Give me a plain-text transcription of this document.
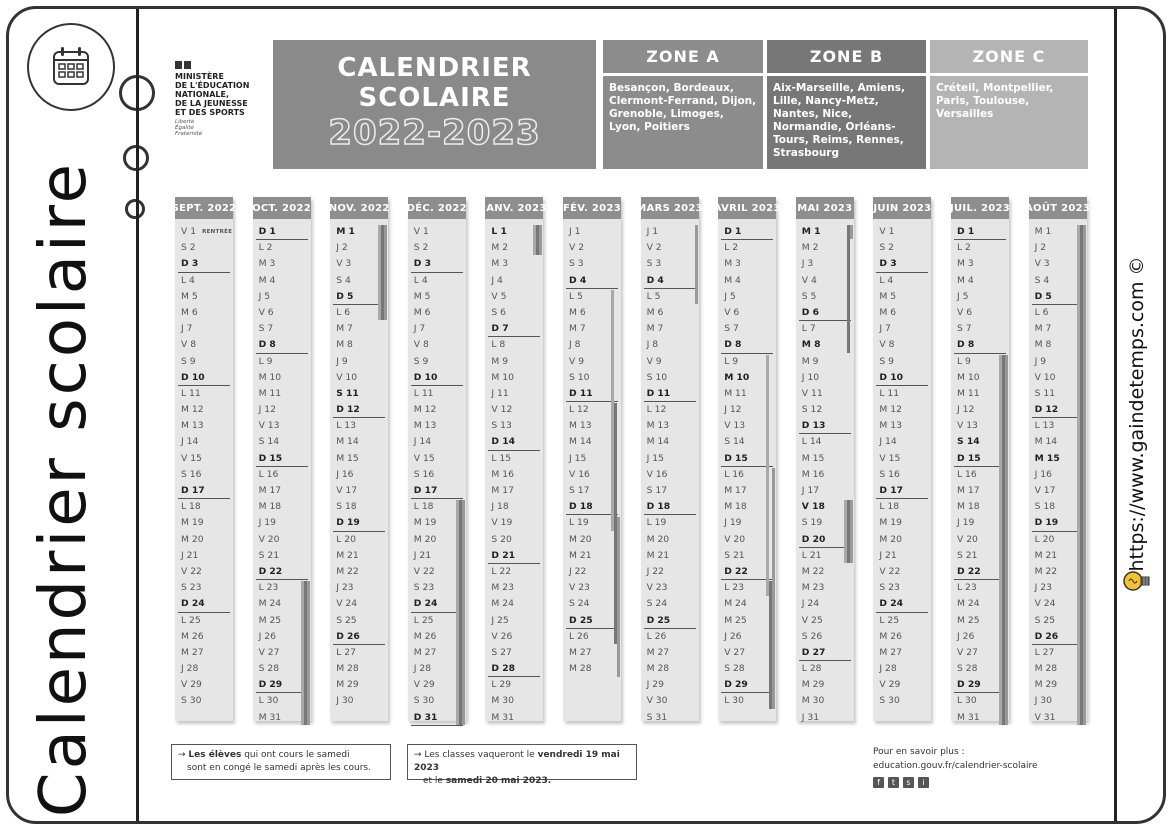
Calendrier scolaire	https://www.gaindetemps.com ©
MINISTÈRE
DE L'ÉDUCATION
NATIONALE,
DE LA JEUNESSE
ET DES SPORTS
Liberté
Égalité
Fraternité
CALENDRIER
SCOLAIRE
2022-2023
ZONE A
Besançon, Bordeaux, Clermont-Ferrand, Dijon, Grenoble, Limoges, Lyon, Poitiers
ZONE B
Aix-Marseille, Amiens, Lille, Nancy-Metz, Nantes, Nice, Normandie, Orléans-Tours, Reims, Rennes, Strasbourg
ZONE C
Créteil, Montpellier, Paris, Toulouse, Versailles
→ Les élèves qui ont cours le samedi
sont en congé le samedi après les cours.
→ Les classes vaqueront le vendredi 19 mai 2023
et le samedi 20 mai 2023.
Pour en savoir plus :
education.gouv.fr/calendrier-scolaire
f	t	s	i
SEPT. 2022
V 1 RENTRÉE
S 2
D 3
L 4
M 5
M 6
J 7
V 8
S 9
D 10
L 11
M 12
M 13
J 14
V 15
S 16
D 17
L 18
M 19
M 20
J 21
V 22
S 23
D 24
L 25
M 26
M 27
J 28
V 29
S 30
OCT. 2022
D 1
L 2
M 3
M 4
J 5
V 6
S 7
D 8
L 9
M 10
M 11
J 12
V 13
S 14
D 15
L 16
M 17
M 18
J 19
V 20
S 21
D 22
L 23
M 24
M 25
J 26
V 27
S 28
D 29
L 30
M 31
NOV. 2022
M 1
J 2
V 3
S 4
D 5
L 6
M 7
M 8
J 9
V 10
S 11
D 12
L 13
M 14
M 15
J 16
V 17
S 18
D 19
L 20
M 21
M 22
J 23
V 24
S 25
D 26
L 27
M 28
M 29
J 30
DÉC. 2022
V 1
S 2
D 3
L 4
M 5
M 6
J 7
V 8
S 9
D 10
L 11
M 12
M 13
J 14
V 15
S 16
D 17
L 18
M 19
M 20
J 21
V 22
S 23
D 24
L 25
M 26
M 27
J 28
V 29
S 30
D 31
JANV. 2023
L 1
M 2
M 3
J 4
V 5
S 6
D 7
L 8
M 9
M 10
J 11
V 12
S 13
D 14
L 15
M 16
M 17
J 18
V 19
S 20
D 21
L 22
M 23
M 24
J 25
V 26
S 27
D 28
L 29
M 30
M 31
FÉV. 2023
J 1
V 2
S 3
D 4
L 5
M 6
M 7
J 8
V 9
S 10
D 11
L 12
M 13
M 14
J 15
V 16
S 17
D 18
L 19
M 20
M 21
J 22
V 23
S 24
D 25
L 26
M 27
M 28
MARS 2023
J 1
V 2
S 3
D 4
L 5
M 6
M 7
J 8
V 9
S 10
D 11
L 12
M 13
M 14
J 15
V 16
S 17
D 18
L 19
M 20
M 21
J 22
V 23
S 24
D 25
L 26
M 27
M 28
J 29
V 30
S 31
AVRIL 2023
D 1
L 2
M 3
M 4
J 5
V 6
S 7
D 8
L 9
M 10
M 11
J 12
V 13
S 14
D 15
L 16
M 17
M 18
J 19
V 20
S 21
D 22
L 23
M 24
M 25
J 26
V 27
S 28
D 29
L 30
MAI 2023
M 1
M 2
J 3
V 4
S 5
D 6
L 7
M 8
M 9
J 10
V 11
S 12
D 13
L 14
M 15
M 16
J 17
V 18
S 19
D 20
L 21
M 22
M 23
J 24
V 25
S 26
D 27
L 28
M 29
M 30
J 31
JUIN 2023
V 1
S 2
D 3
L 4
M 5
M 6
J 7
V 8
S 9
D 10
L 11
M 12
M 13
J 14
V 15
S 16
D 17
L 18
M 19
M 20
J 21
V 22
S 23
D 24
L 25
M 26
M 27
J 28
V 29
S 30
JUIL. 2023
D 1
L 2
M 3
M 4
J 5
V 6
S 7
D 8
L 9
M 10
M 11
J 12
V 13
S 14
D 15
L 16
M 17
M 18
J 19
V 20
S 21
D 22
L 23
M 24
M 25
J 26
V 27
S 28
D 29
L 30
M 31
AOÛT 2023
M 1
J 2
V 3
S 4
D 5
L 6
M 7
M 8
J 9
V 10
S 11
D 12
L 13
M 14
M 15
J 16
V 17
S 18
D 19
L 20
M 21
M 22
J 23
V 24
S 25
D 26
L 27
M 28
M 29
J 30
V 31
